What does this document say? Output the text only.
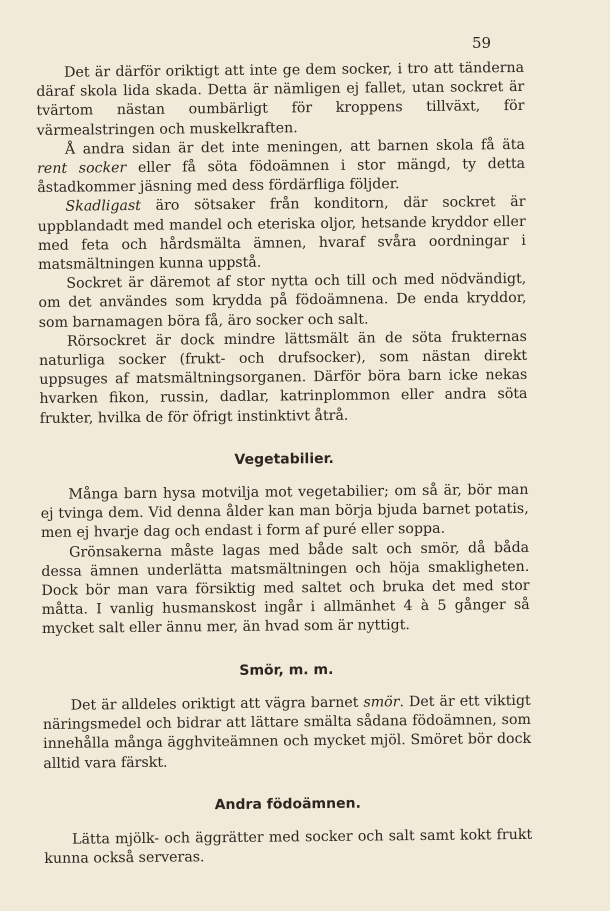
59

Det är därför oriktigt att inte ge dem socker, i tro att tänderna däraf skola lida skada. Detta är nämligen ej fallet, utan sockret är tvärtom nästan oumbärligt för kroppens tillväxt, för värmealstringen och muskelkraften.

Å andra sidan är det inte meningen, att barnen skola få äta rent socker eller få söta födoämnen i stor mängd, ty detta åstadkommer jäsning med dess fördärfliga följder.

Skadligast äro sötsaker från konditorn, där sockret är uppblandadt med mandel och eteriska oljor, hetsande kryddor eller med feta och hårdsmälta ämnen, hvaraf svåra oordningar i matsmältningen kunna uppstå.

Sockret är däremot af stor nytta och till och med nödvändigt, om det användes som krydda på födoämnena. De enda kryddor, som barnamagen böra få, äro socker och salt.

Rörsockret är dock mindre lättsmält än de söta frukternas naturliga socker (frukt- och drufsocker), som nästan direkt uppsuges af matsmältningsorganen. Därför böra barn icke nekas hvarken fikon, russin, dadlar, katrinplommon eller andra söta frukter, hvilka de för öfrigt instinktivt åtrå.

Vegetabilier.

Många barn hysa motvilja mot vegetabilier; om så är, bör man ej tvinga dem. Vid denna ålder kan man börja bjuda barnet potatis, men ej hvarje dag och endast i form af puré eller soppa.

Grönsakerna måste lagas med både salt och smör, då båda dessa ämnen underlätta matsmältningen och höja smakligheten. Dock bör man vara försiktig med saltet och bruka det med stor måtta. I vanlig husmanskost ingår i allmänhet 4 à 5 gånger så mycket salt eller ännu mer, än hvad som är nyttigt.

Smör, m. m.

Det är alldeles oriktigt att vägra barnet smör. Det är ett viktigt näringsmedel och bidrar att lättare smälta sådana födoämnen, som innehålla många ägghviteämnen och mycket mjöl. Smöret bör dock alltid vara färskt.

Andra födoämnen.

Lätta mjölk- och äggrätter med socker och salt samt kokt frukt kunna också serveras.
